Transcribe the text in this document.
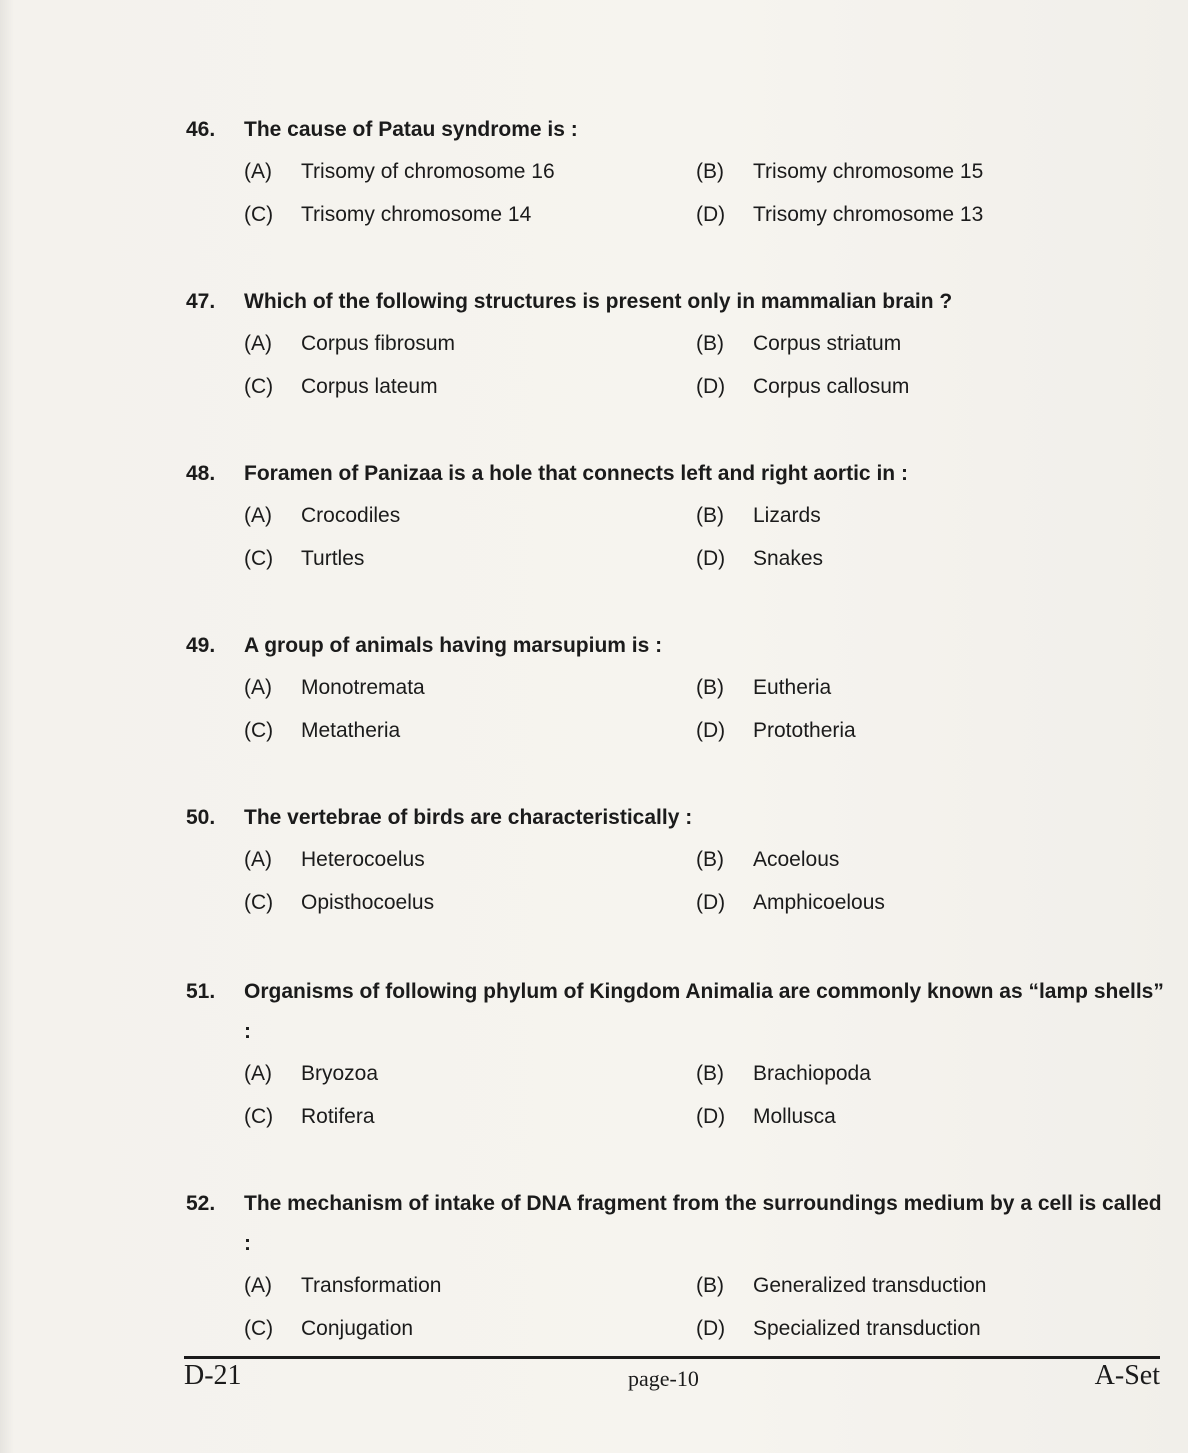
46.	The cause of Patau syndrome is :
(A)	Trisomy of chromosome 16	(B)	Trisomy chromosome 15
(C)	Trisomy chromosome 14	(D)	Trisomy chromosome 13
47.	Which of the following structures is present only in mammalian brain ?
(A)	Corpus fibrosum	(B)	Corpus striatum
(C)	Corpus lateum	(D)	Corpus callosum
48.	Foramen of Panizaa is a hole that connects left and right aortic in :
(A)	Crocodiles	(B)	Lizards
(C)	Turtles	(D)	Snakes
49.	A group of animals having marsupium is :
(A)	Monotremata	(B)	Eutheria
(C)	Metatheria	(D)	Prototheria
50.	The vertebrae of birds are characteristically :
(A)	Heterocoelus	(B)	Acoelous
(C)	Opisthocoelus	(D)	Amphicoelous
51.	Organisms of following phylum of Kingdom Animalia are commonly known as “lamp shells” :
(A)	Bryozoa	(B)	Brachiopoda
(C)	Rotifera	(D)	Mollusca
52.	The mechanism of intake of DNA fragment from the surroundings medium by a cell is called :
(A)	Transformation	(B)	Generalized transduction
(C)	Conjugation	(D)	Specialized transduction
D-21	page-10	A-Set
